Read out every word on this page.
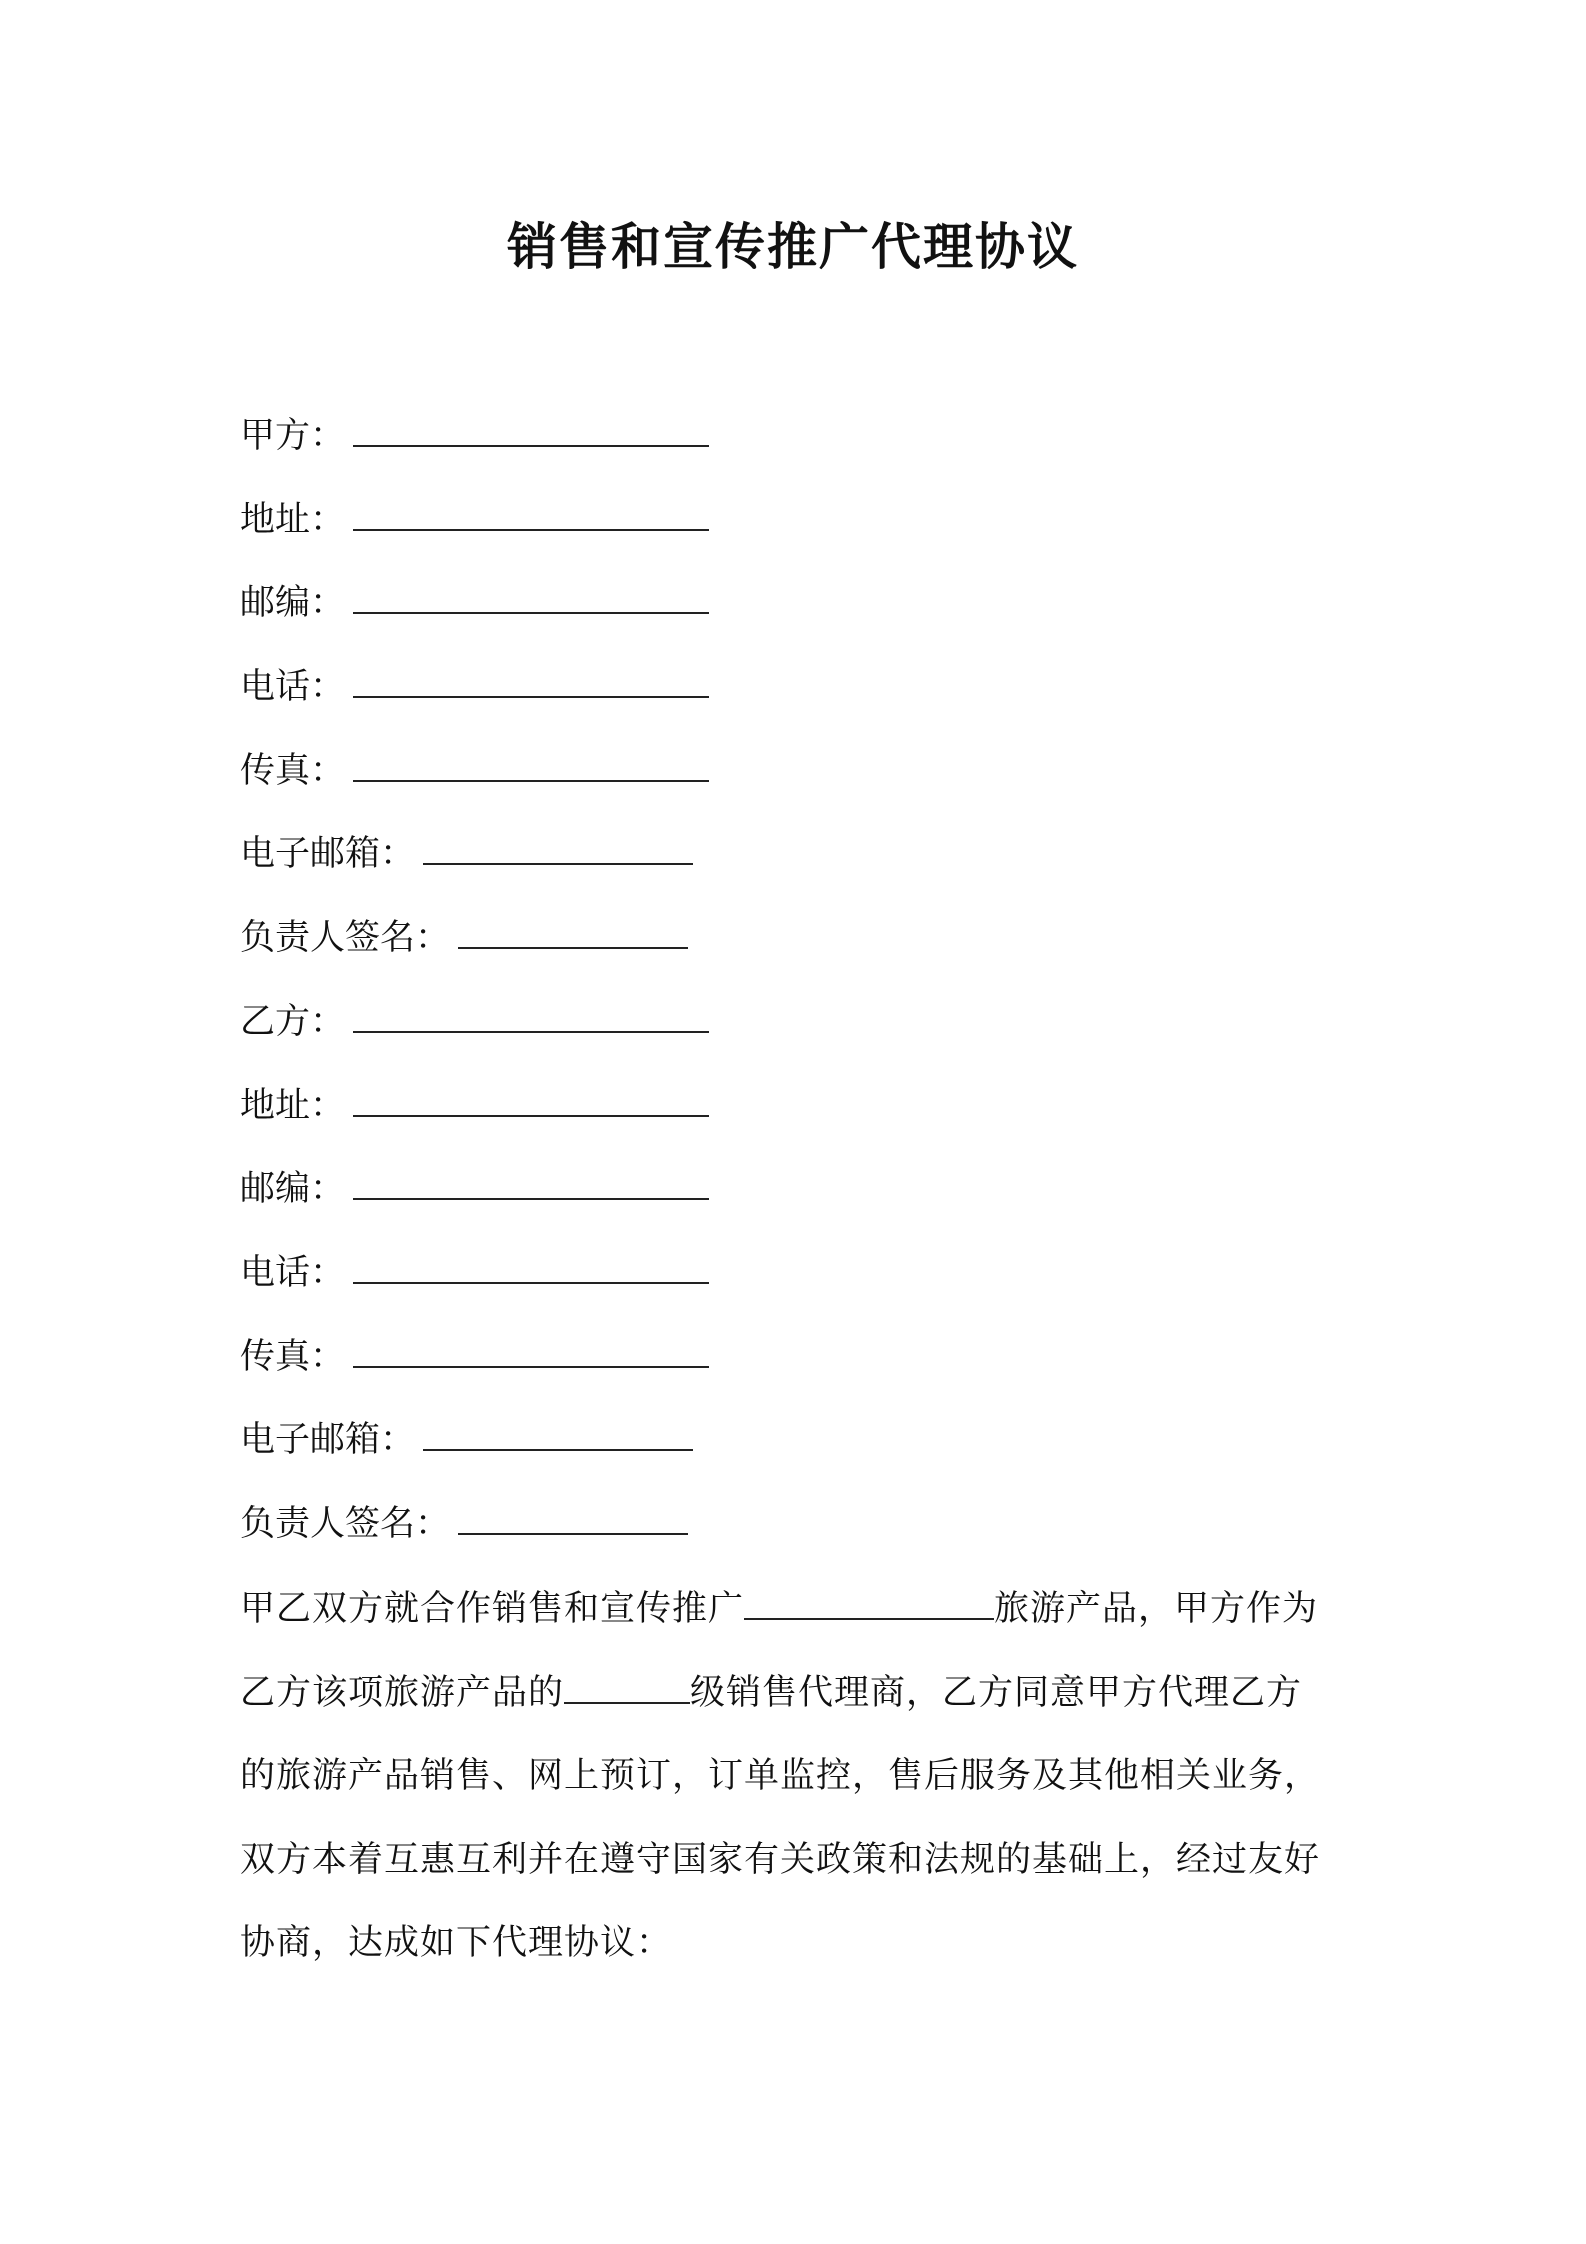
销售和宣传推广代理协议
甲方：
地址：
邮编：
电话：
传真：
电子邮箱：
负责人签名：
乙方：
地址：
邮编：
电话：
传真：
电子邮箱：
负责人签名：

甲乙双方就合作销售和宣传推广	旅游产品，甲方作为
乙方该项旅游产品的	级销售代理商，乙方同意甲方代理乙方
的旅游产品销售、网上预订，订单监控，售后服务及其他相关业务，
双方本着互惠互利并在遵守国家有关政策和法规的基础上，经过友好
协商，达成如下代理协议：
